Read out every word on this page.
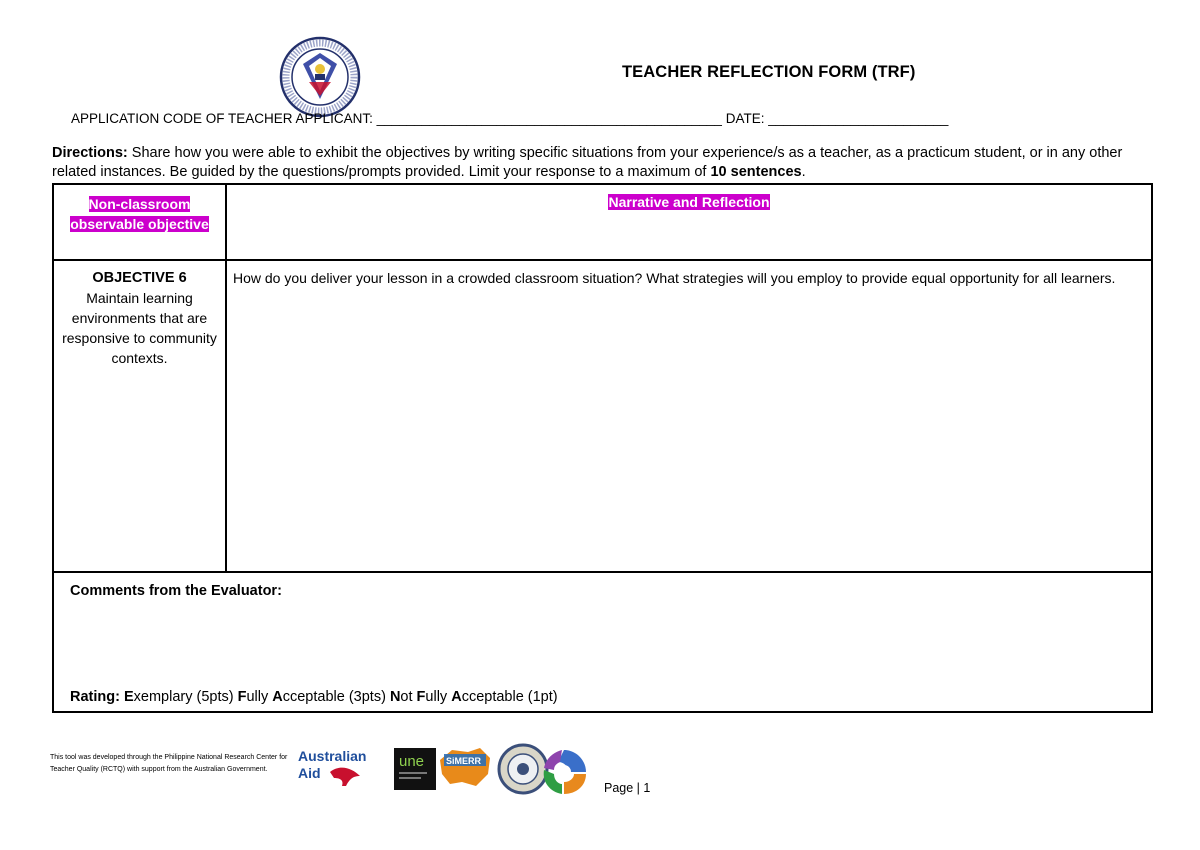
TEACHER REFLECTION FORM (TRF)
APPLICATION CODE OF TEACHER APPLICANT: ______________________________________________ DATE: ________________________
Directions: Share how you were able to exhibit the objectives by writing specific situations from your experience/s as a teacher, as a practicum student, or in any other related instances. Be guided by the questions/prompts provided. Limit your response to a maximum of 10 sentences.
Non-classroom observable objective	Narrative and Reflection

OBJECTIVE 6
Maintain learning environments that are responsive to community contexts.	How do you deliver your lesson in a crowded classroom situation? What strategies will you employ to provide equal opportunity for all learners.

Comments from the Evaluator:
Rating: Exemplary (5pts) Fully Acceptable (3pts) Not Fully Acceptable (1pt)	
This tool was developed through the Philippine National Research Center for Teacher Quality (RCTQ) with support from the Australian Government.
Australian
Aid
une SiMERR
Page | 1
